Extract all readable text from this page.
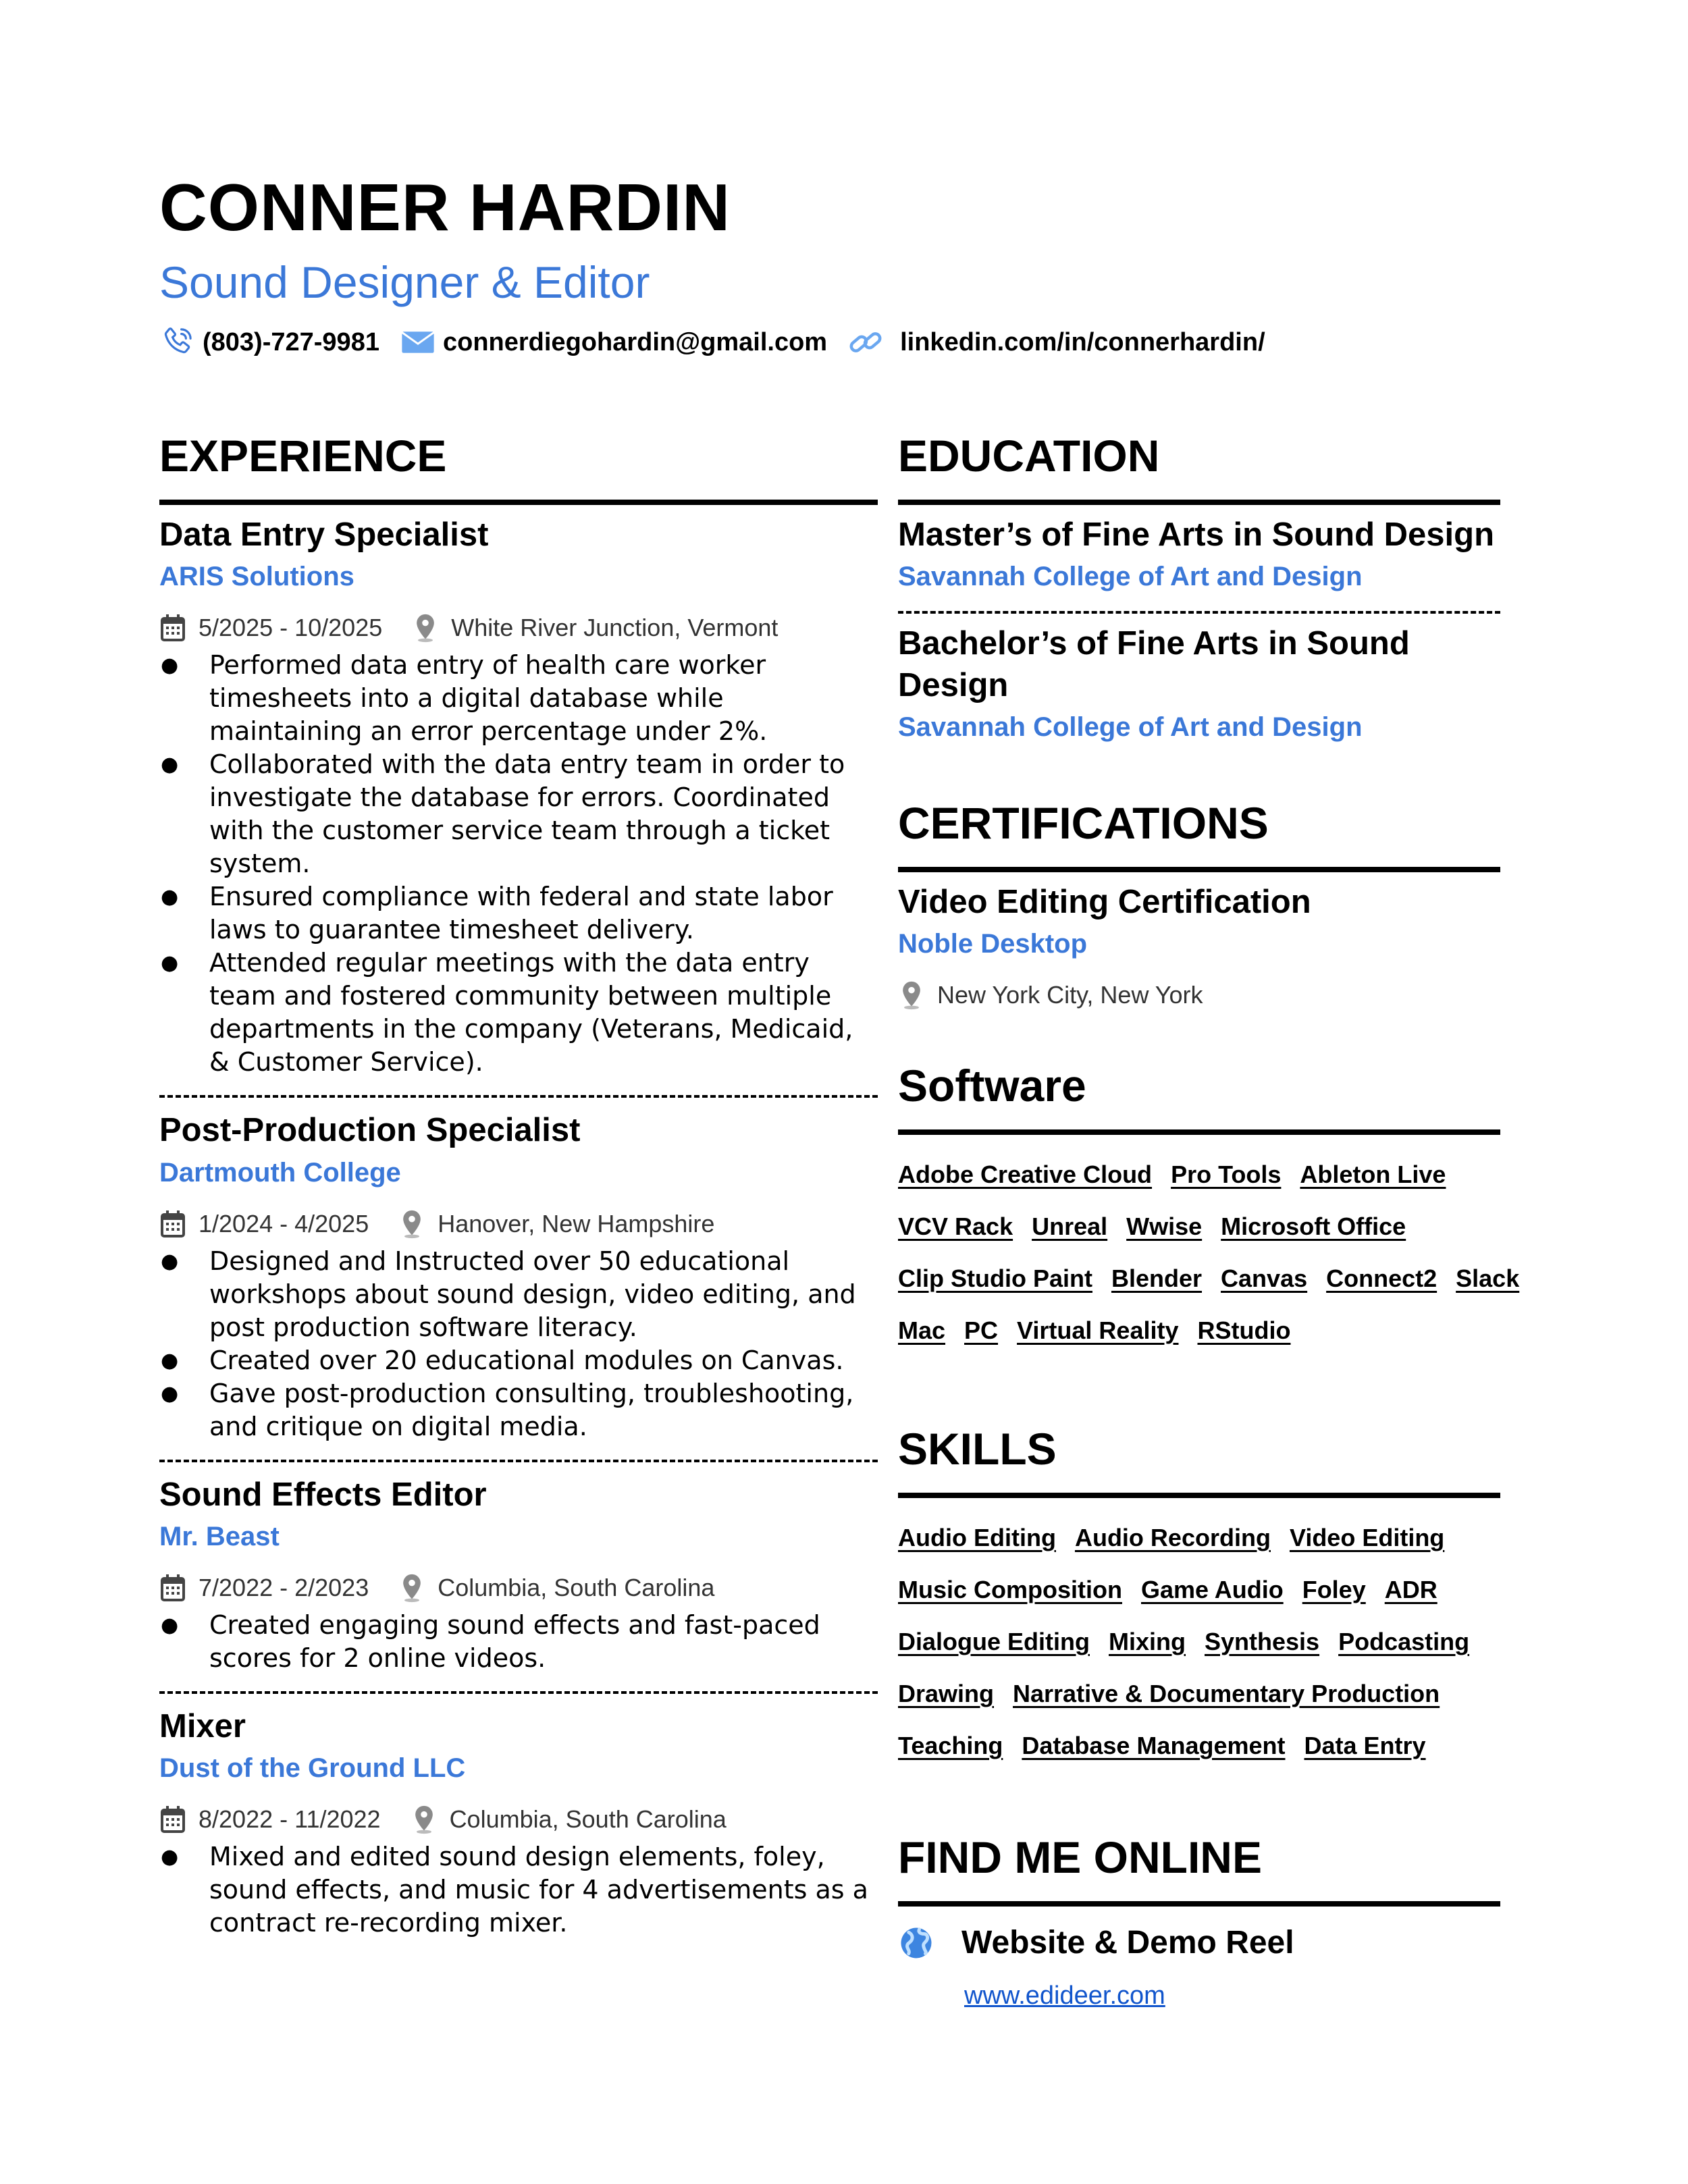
CONNER HARDIN
Sound Designer & Editor
(803)-727-9981 connerdiegohardin@gmail.com	linkedin.com/in/connerhardin/
EXPERIENCE
Data Entry Specialist
ARIS Solutions
5/2025 - 10/2025	White River Junction, Vermont
● Performed data entry of health care worker timesheets into a digital database while maintaining an error percentage under 2%.
● Collaborated with the data entry team in order to investigate the database for errors. Coordinated with the customer service team through a ticket system.
● Ensured compliance with federal and state labor laws to guarantee timesheet delivery.
● Attended regular meetings with the data entry team and fostered community between multiple departments in the company (Veterans, Medicaid, & Customer Service).
Post-Production Specialist
Dartmouth College
1/2024 - 4/2025	Hanover, New Hampshire
● Designed and Instructed over 50 educational workshops about sound design, video editing, and post production software literacy.
● Created over 20 educational modules on Canvas.
● Gave post-production consulting, troubleshooting, and critique on digital media.
Sound Effects Editor
Mr. Beast
7/2022 - 2/2023	Columbia, South Carolina
● Created engaging sound effects and fast-paced scores for 2 online videos.
Mixer
Dust of the Ground LLC
8/2022 - 11/2022	Columbia, South Carolina
● Mixed and edited sound design elements, foley, sound effects, and music for 4 advertisements as a contract re-recording mixer.
EDUCATION
Master’s of Fine Arts in Sound Design
Savannah College of Art and Design
Bachelor’s of Fine Arts in Sound Design
Savannah College of Art and Design
CERTIFICATIONS
Video Editing Certification
Noble Desktop
New York City, New York
Software
Adobe Creative Cloud Pro Tools Ableton Live
VCV Rack Unreal Wwise Microsoft Office
Clip Studio Paint Blender Canvas Connect2 Slack
Mac PC Virtual Reality RStudio
SKILLS
Audio Editing Audio Recording Video Editing
Music Composition Game Audio Foley ADR
Dialogue Editing Mixing Synthesis Podcasting
Drawing Narrative & Documentary Production
Teaching Database Management Data Entry
FIND ME ONLINE
Website & Demo Reel
www.edideer.com
